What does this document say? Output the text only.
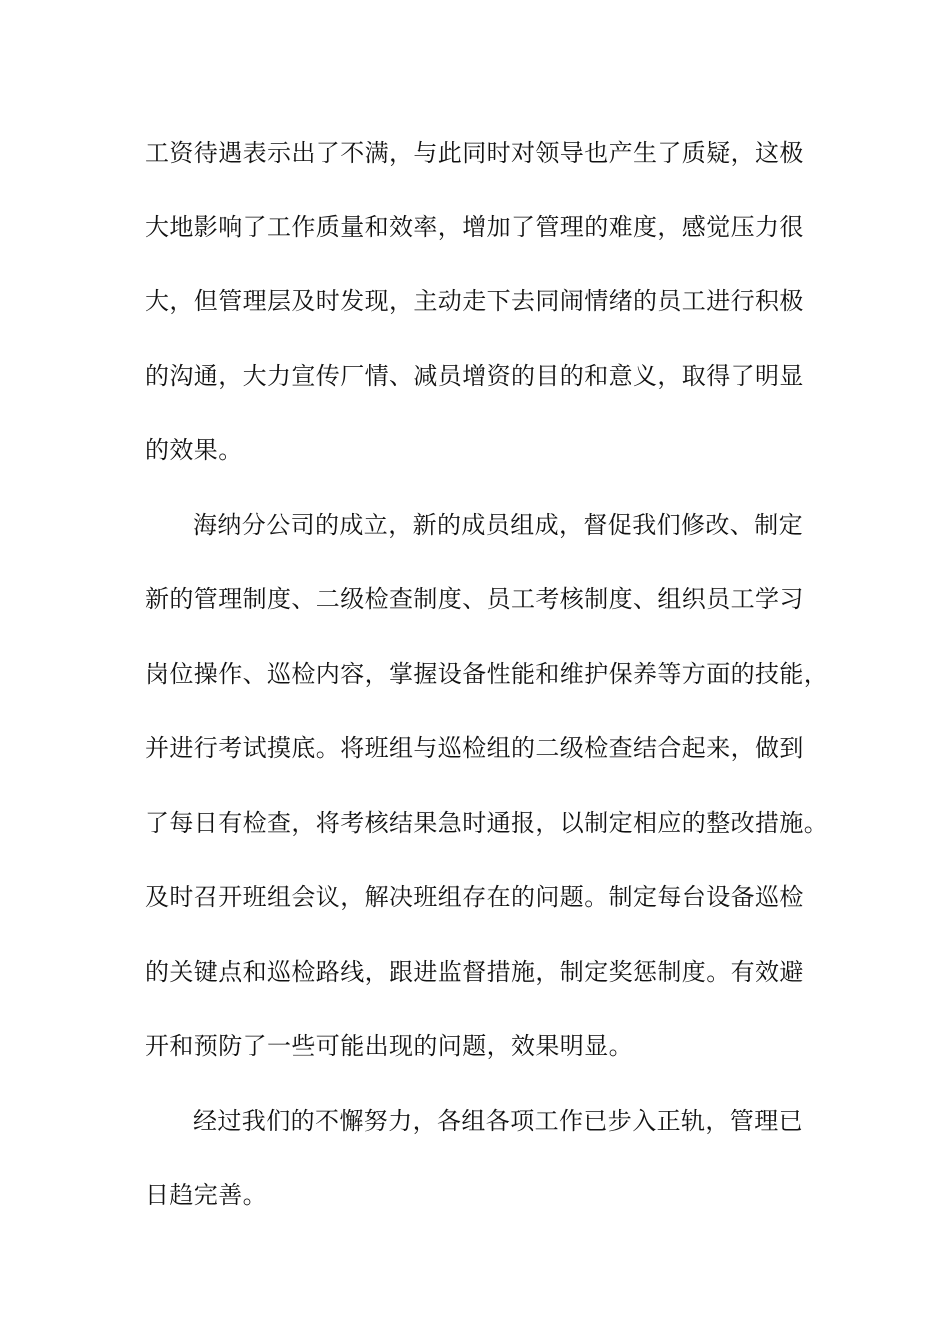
工资待遇表示出了不满，与此同时对领导也产生了质疑，这极
大地影响了工作质量和效率，增加了管理的难度，感觉压力很
大，但管理层及时发现，主动走下去同闹情绪的员工进行积极
的沟通，大力宣传厂情、减员增资的目的和意义，取得了明显
的效果。
海纳分公司的成立，新的成员组成，督促我们修改、制定
新的管理制度、二级检查制度、员工考核制度、组织员工学习
岗位操作、巡检内容，掌握设备性能和维护保养等方面的技能，
并进行考试摸底。将班组与巡检组的二级检查结合起来，做到
了每日有检查，将考核结果急时通报，以制定相应的整改措施。
及时召开班组会议，解决班组存在的问题。制定每台设备巡检
的关键点和巡检路线，跟进监督措施，制定奖惩制度。有效避
开和预防了一些可能出现的问题，效果明显。
经过我们的不懈努力，各组各项工作已步入正轨，管理已
日趋完善。
